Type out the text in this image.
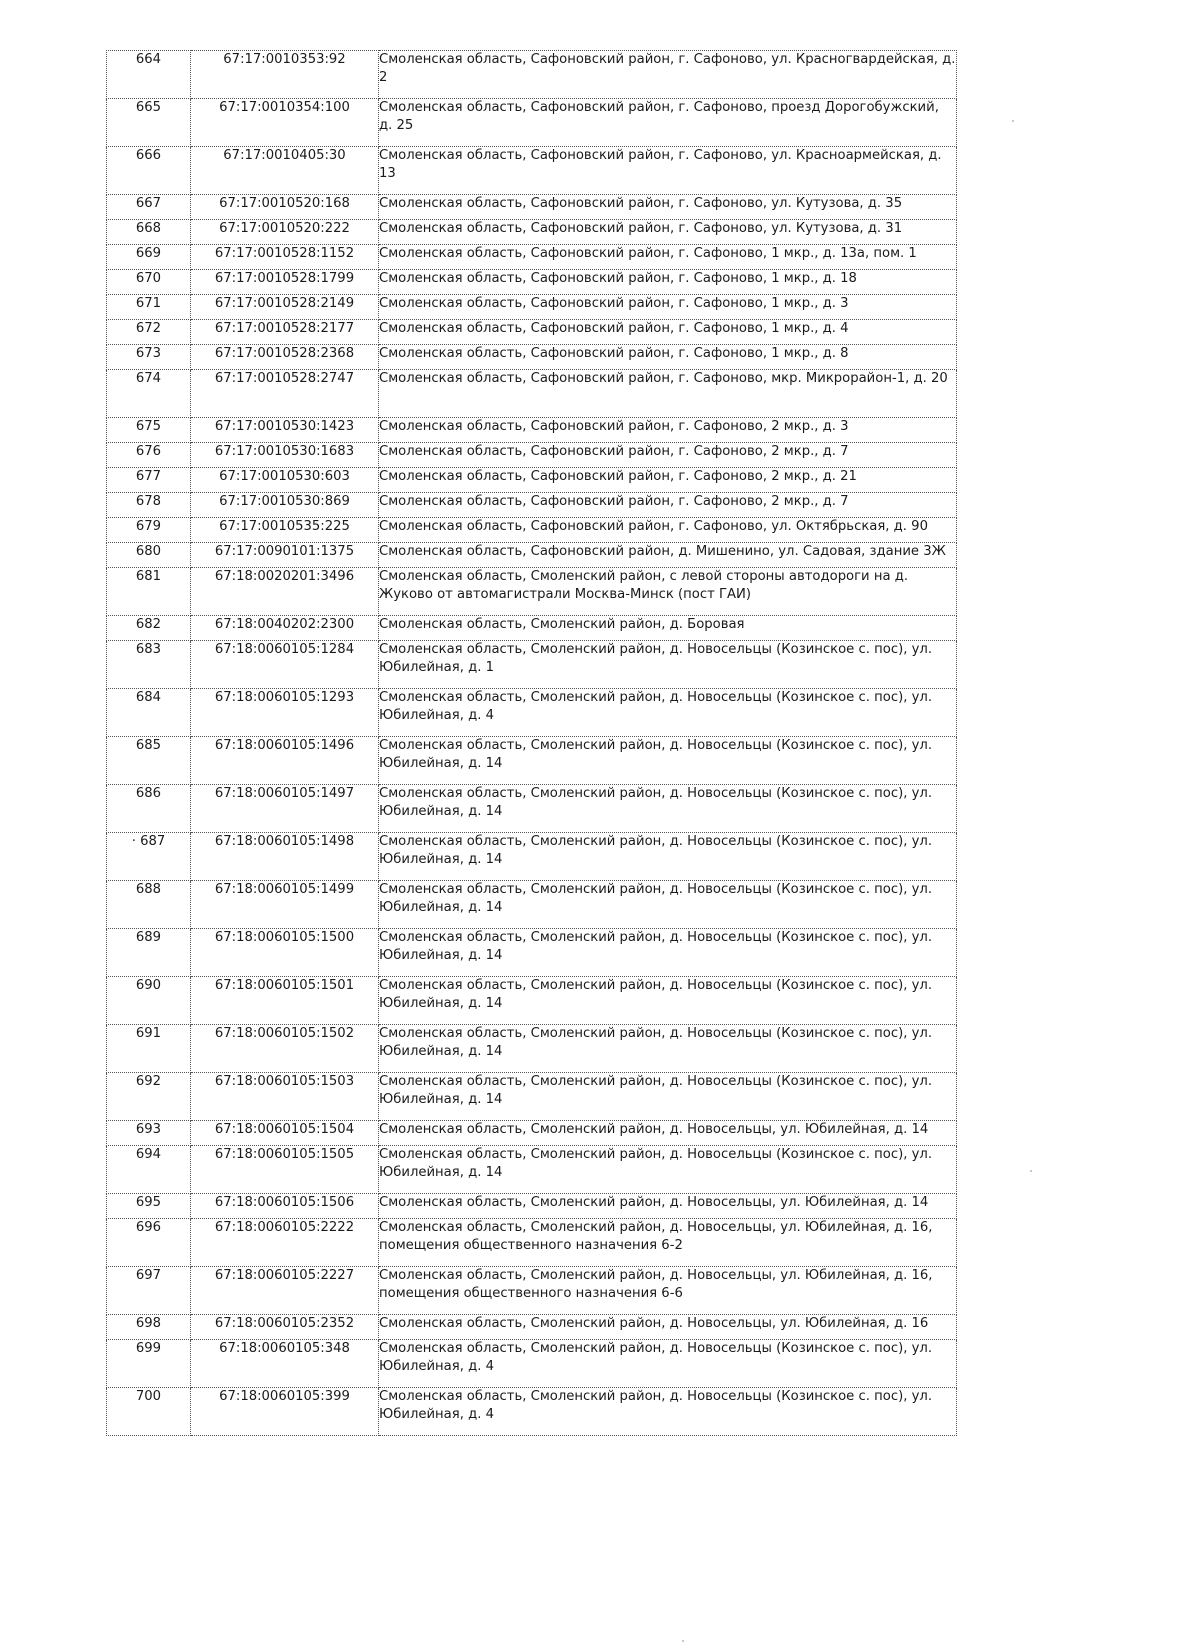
664	67:17:0010353:92	Смоленская область, Сафоновский район, г. Сафоново, ул. Красногвардейская, д. 2
665	67:17:0010354:100	Смоленская область, Сафоновский район, г. Сафоново, проезд Дорогобужский, д. 25
666	67:17:0010405:30	Смоленская область, Сафоновский район, г. Сафоново, ул. Красноармейская, д. 13
667	67:17:0010520:168	Смоленская область, Сафоновский район, г. Сафоново, ул. Кутузова, д. 35
668	67:17:0010520:222	Смоленская область, Сафоновский район, г. Сафоново, ул. Кутузова, д. 31
669	67:17:0010528:1152	Смоленская область, Сафоновский район, г. Сафоново, 1 мкр., д. 13а, пом. 1
670	67:17:0010528:1799	Смоленская область, Сафоновский район, г. Сафоново, 1 мкр., д. 18
671	67:17:0010528:2149	Смоленская область, Сафоновский район, г. Сафоново, 1 мкр., д. 3
672	67:17:0010528:2177	Смоленская область, Сафоновский район, г. Сафоново, 1 мкр., д. 4
673	67:17:0010528:2368	Смоленская область, Сафоновский район, г. Сафоново, 1 мкр., д. 8
674	67:17:0010528:2747	Смоленская область, Сафоновский район, г. Сафоново, мкр. Микрорайон-1, д. 20
675	67:17:0010530:1423	Смоленская область, Сафоновский район, г. Сафоново, 2 мкр., д. 3
676	67:17:0010530:1683	Смоленская область, Сафоновский район, г. Сафоново, 2 мкр., д. 7
677	67:17:0010530:603	Смоленская область, Сафоновский район, г. Сафоново, 2 мкр., д. 21
678	67:17:0010530:869	Смоленская область, Сафоновский район, г. Сафоново, 2 мкр., д. 7
679	67:17:0010535:225	Смоленская область, Сафоновский район, г. Сафоново, ул. Октябрьская, д. 90
680	67:17:0090101:1375	Смоленская область, Сафоновский район, д. Мишенино, ул. Садовая, здание 3Ж
681	67:18:0020201:3496	Смоленская область, Смоленский район, с левой стороны автодороги на д. Жуково от автомагистрали Москва-Минск (пост ГАИ)
682	67:18:0040202:2300	Смоленская область, Смоленский район, д. Боровая
683	67:18:0060105:1284	Смоленская область, Смоленский район, д. Новосельцы (Козинское с. пос), ул. Юбилейная, д. 1
684	67:18:0060105:1293	Смоленская область, Смоленский район, д. Новосельцы (Козинское с. пос), ул. Юбилейная, д. 4
685	67:18:0060105:1496	Смоленская область, Смоленский район, д. Новосельцы (Козинское с. пос), ул. Юбилейная, д. 14
686	67:18:0060105:1497	Смоленская область, Смоленский район, д. Новосельцы (Козинское с. пос), ул. Юбилейная, д. 14
· 687	67:18:0060105:1498	Смоленская область, Смоленский район, д. Новосельцы (Козинское с. пос), ул. Юбилейная, д. 14
688	67:18:0060105:1499	Смоленская область, Смоленский район, д. Новосельцы (Козинское с. пос), ул. Юбилейная, д. 14
689	67:18:0060105:1500	Смоленская область, Смоленский район, д. Новосельцы (Козинское с. пос), ул. Юбилейная, д. 14
690	67:18:0060105:1501	Смоленская область, Смоленский район, д. Новосельцы (Козинское с. пос), ул. Юбилейная, д. 14
691	67:18:0060105:1502	Смоленская область, Смоленский район, д. Новосельцы (Козинское с. пос), ул. Юбилейная, д. 14
692	67:18:0060105:1503	Смоленская область, Смоленский район, д. Новосельцы (Козинское с. пос), ул. Юбилейная, д. 14
693	67:18:0060105:1504	Смоленская область, Смоленский район, д. Новосельцы, ул. Юбилейная, д. 14
694	67:18:0060105:1505	Смоленская область, Смоленский район, д. Новосельцы (Козинское с. пос), ул. Юбилейная, д. 14
695	67:18:0060105:1506	Смоленская область, Смоленский район, д. Новосельцы, ул. Юбилейная, д. 14
696	67:18:0060105:2222	Смоленская область, Смоленский район, д. Новосельцы, ул. Юбилейная, д. 16, помещения общественного назначения 6-2
697	67:18:0060105:2227	Смоленская область, Смоленский район, д. Новосельцы, ул. Юбилейная, д. 16, помещения общественного назначения 6-6
698	67:18:0060105:2352	Смоленская область, Смоленский район, д. Новосельцы, ул. Юбилейная, д. 16
699	67:18:0060105:348	Смоленская область, Смоленский район, д. Новосельцы (Козинское с. пос), ул. Юбилейная, д. 4
700	67:18:0060105:399	Смоленская область, Смоленский район, д. Новосельцы (Козинское с. пос), ул. Юбилейная, д. 4
